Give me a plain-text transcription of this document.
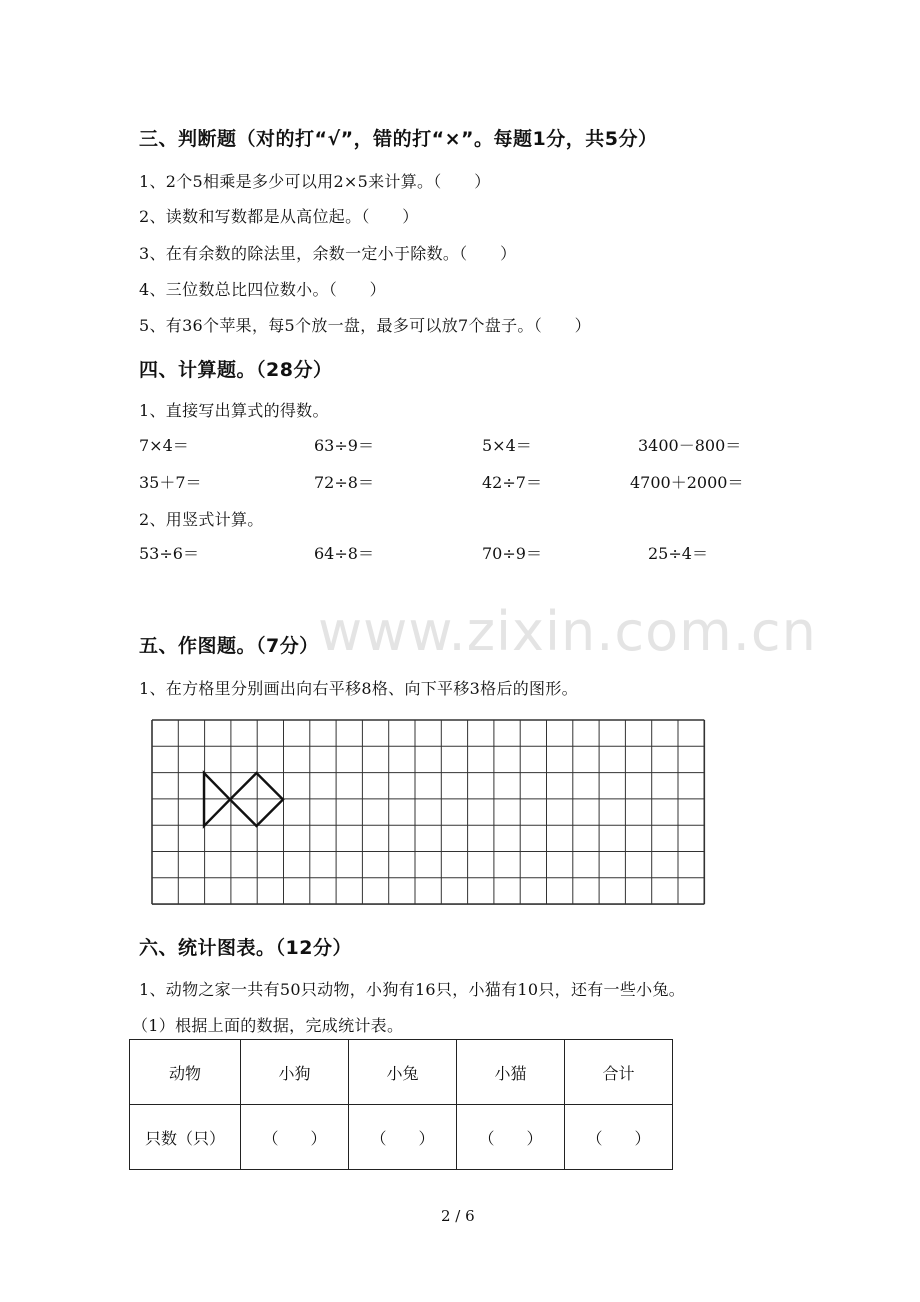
www.zixin.com.cn
三、判断题（对的打“√”，错的打“×”。每题1分，共5分）
1、2个5相乘是多少可以用2×5来计算。（　　）
2、读数和写数都是从高位起。（　　）
3、在有余数的除法里，余数一定小于除数。（　　）
4、三位数总比四位数小。（　　）
5、有36个苹果，每5个放一盘，最多可以放7个盘子。（　　）
四、计算题。（28分）
1、直接写出算式的得数。
7×4＝	63÷9＝	5×4＝	3400－800＝
35＋7＝	72÷8＝	42÷7＝	4700＋2000＝
2、用竖式计算。
53÷6＝	64÷8＝	70÷9＝	25÷4＝
五、作图题。（7分）
1、在方格里分别画出向右平移8格、向下平移3格后的图形。
六、统计图表。（12分）
1、动物之家一共有50只动物，小狗有16只，小猫有10只，还有一些小兔。
（1）根据上面的数据，完成统计表。
动物	小狗	小兔	小猫	合计
只数（只）	（　　）	（　　）	（　　）	（　　）
2 / 6
